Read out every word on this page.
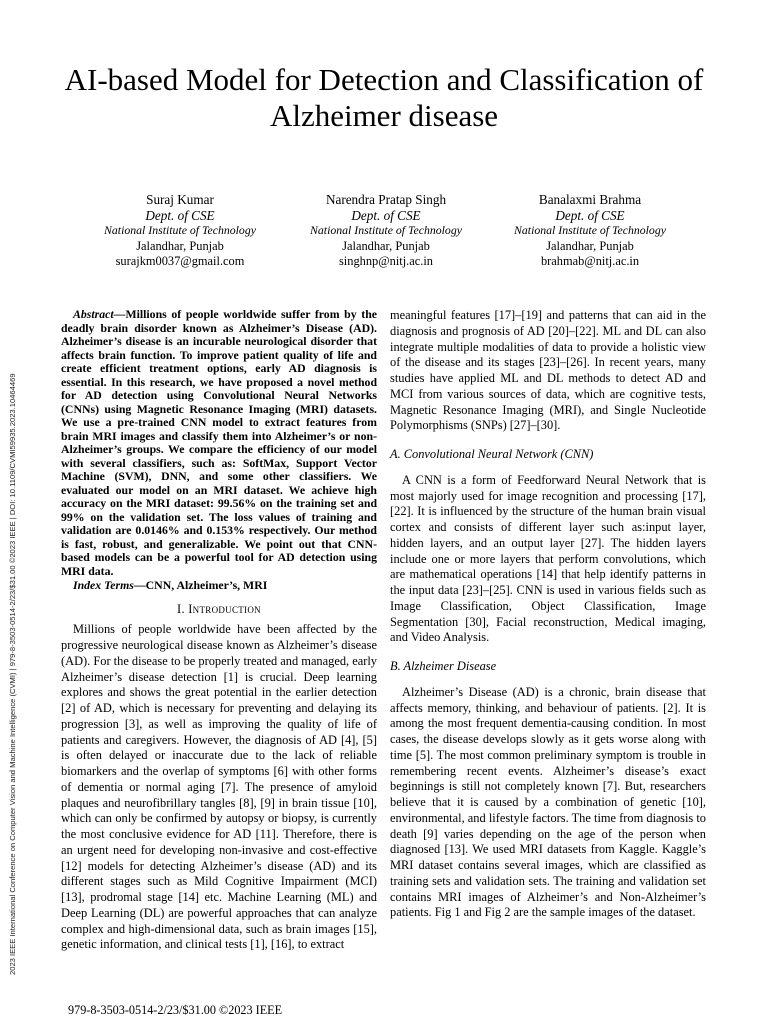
2023 IEEE International Conference on Computer Vision and Machine Intelligence (CVMI) | 979-8-3503-0514-2/23/$31.00 ©2023 IEEE | DOI: 10.1109/CVMI59935.2023.10464469
AI-based Model for Detection and Classification of Alzheimer disease
Suraj Kumar
Dept. of CSE
National Institute of Technology
Jalandhar, Punjab
surajkm0037@gmail.com
Narendra Pratap Singh
Dept. of CSE
National Institute of Technology
Jalandhar, Punjab
singhnp@nitj.ac.in
Banalaxmi Brahma
Dept. of CSE
National Institute of Technology
Jalandhar, Punjab
brahmab@nitj.ac.in

Abstract—Millions of people worldwide suffer from by the deadly brain disorder known as Alzheimer’s Disease (AD). Alzheimer’s disease is an incurable neurological disorder that affects brain function. To improve patient quality of life and create efficient treatment options, early AD diagnosis is essential. In this research, we have proposed a novel method for AD detection using Convolutional Neural Networks (CNNs) using Magnetic Resonance Imaging (MRI) datasets. We use a pre-trained CNN model to extract features from brain MRI images and classify them into Alzheimer’s or non-Alzheimer’s groups. We compare the efficiency of our model with several classifiers, such as: SoftMax, Support Vector Machine (SVM), DNN, and some other classifiers. We evaluated our model on an MRI dataset. We achieve high accuracy on the MRI dataset: 99.56% on the training set and 99% on the validation set. The loss values of training and validation are 0.0146% and 0.153% respectively. Our method is fast, robust, and generalizable. We point out that CNN-based models can be a powerful tool for AD detection using MRI data.

Index Terms—CNN, Alzheimer’s, MRI

I. Introduction

Millions of people worldwide have been affected by the progressive neurological disease known as Alzheimer’s disease (AD). For the disease to be properly treated and managed, early Alzheimer’s disease detection [1] is crucial. Deep learning explores and shows the great potential in the earlier detection [2] of AD, which is necessary for preventing and delaying its progression [3], as well as improving the quality of life of patients and caregivers. However, the diagnosis of AD [4], [5] is often delayed or inaccurate due to the lack of reliable biomarkers and the overlap of symptoms [6] with other forms of dementia or normal aging [7]. The presence of amyloid plaques and neurofibrillary tangles [8], [9] in brain tissue [10], which can only be confirmed by autopsy or biopsy, is currently the most conclusive evidence for AD [11]. Therefore, there is an urgent need for developing non-invasive and cost-effective [12] models for detecting Alzheimer’s disease (AD) and its different stages such as Mild Cognitive Impairment (MCI) [13], prodromal stage [14] etc. Machine Learning (ML) and Deep Learning (DL) are powerful approaches that can analyze complex and high-dimensional data, such as brain images [15], genetic information, and clinical tests [1], [16], to extract

meaningful features [17]–[19] and patterns that can aid in the diagnosis and prognosis of AD [20]–[22]. ML and DL can also integrate multiple modalities of data to provide a holistic view of the disease and its stages [23]–[26]. In recent years, many studies have applied ML and DL methods to detect AD and MCI from various sources of data, which are cognitive tests, Magnetic Resonance Imaging (MRI), and Single Nucleotide Polymorphisms (SNPs) [27]–[30].

A. Convolutional Neural Network (CNN)

A CNN is a form of Feedforward Neural Network that is most majorly used for image recognition and processing [17], [22]. It is influenced by the structure of the human brain visual cortex and consists of different layer such as:input layer, hidden layers, and an output layer [27]. The hidden layers include one or more layers that perform convolutions, which are mathematical operations [14] that help identify patterns in the input data [23]–[25]. CNN is used in various fields such as Image Classification, Object Classification, Image Segmentation [30], Facial reconstruction, Medical imaging, and Video Analysis.

B. Alzheimer Disease

Alzheimer’s Disease (AD) is a chronic, brain disease that affects memory, thinking, and behaviour of patients. [2]. It is among the most frequent dementia-causing condition. In most cases, the disease develops slowly as it gets worse along with time [5]. The most common preliminary symptom is trouble in remembering recent events. Alzheimer’s disease’s exact beginnings is still not completely known [7]. But, researchers believe that it is caused by a combination of genetic [10], environmental, and lifestyle factors. The time from diagnosis to death [9] varies depending on the age of the person when diagnosed [13]. We used MRI datasets from Kaggle. Kaggle’s MRI dataset contains several images, which are classified as training sets and validation sets. The training and validation set contains MRI images of Alzheimer’s and Non-Alzheimer’s patients. Fig 1 and Fig 2 are the sample images of the dataset.

979-8-3503-0514-2/23/$31.00 ©2023 IEEE
